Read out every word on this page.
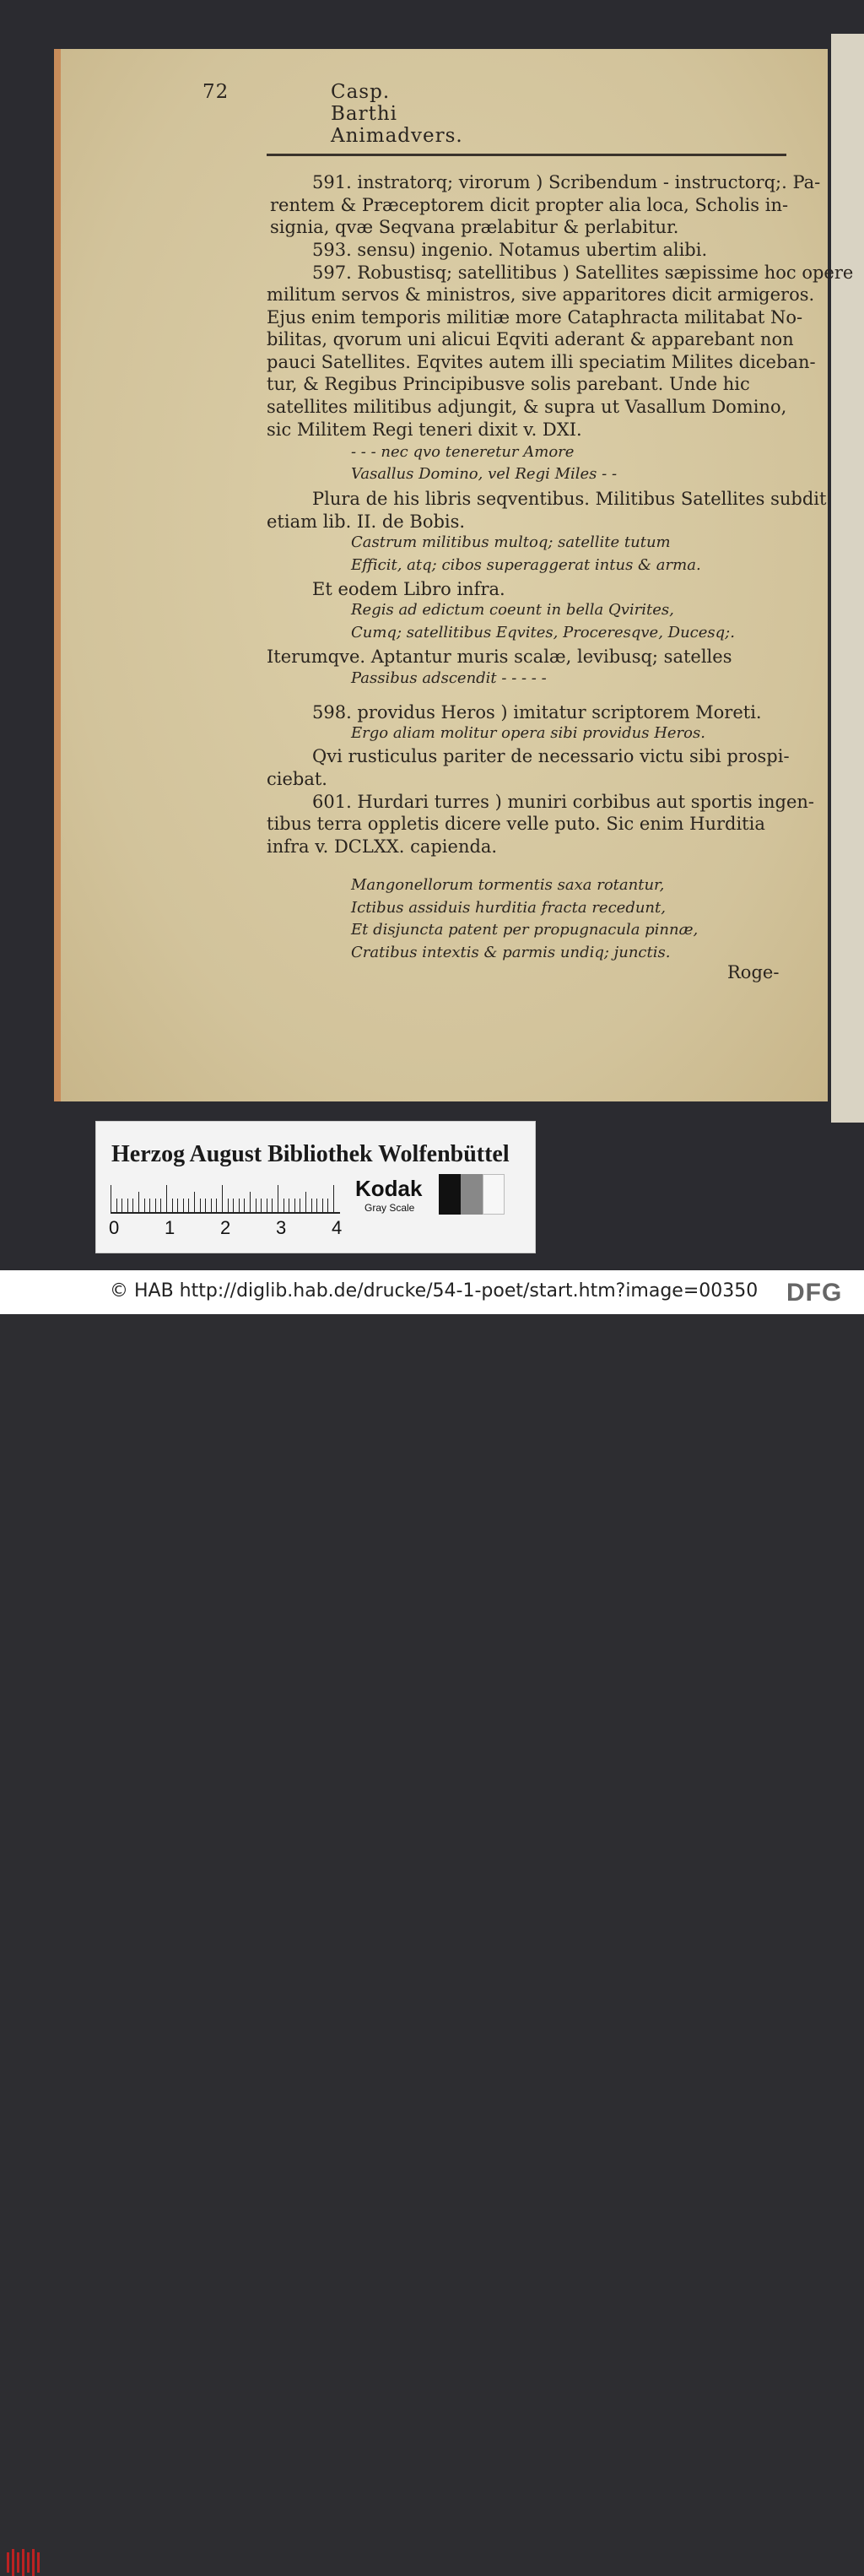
72	Casp. Barthi Animadvers.
591. instratorq; virorum ) Scribendum - instructorq;. Pa-
rentem & Præceptorem dicit propter alia loca, Scholis in-
signia, qvæ Seqvana prælabitur & perlabitur.
593. sensu) ingenio. Notamus ubertim alibi.
597. Robustisq; satellitibus ) Satellites sæpissime hoc opere
militum servos & ministros, sive apparitores dicit armigeros.
Ejus enim temporis militiæ more Cataphracta militabat No-
bilitas, qvorum uni alicui Eqviti aderant & apparebant non
pauci Satellites. Eqvites autem illi speciatim Milites diceban-
tur, & Regibus Principibusve solis parebant. Unde hic
satellites militibus adjungit, & supra ut Vasallum Domino,
sic Militem Regi teneri dixit v. DXI.
- - - nec qvo teneretur Amore
Vasallus Domino, vel Regi Miles - -
Plura de his libris seqventibus. Militibus Satellites subdit
etiam lib. II. de Bobis.
Castrum militibus multoq; satellite tutum
Efficit, atq; cibos superaggerat intus & arma.
Et eodem Libro infra.
Regis ad edictum coeunt in bella Qvirites,
Cumq; satellitibus Eqvites, Proceresqve, Ducesq;.
Iterumqve. Aptantur muris scalæ, levibusq; satelles
Passibus adscendit - - - - -
598. providus Heros ) imitatur scriptorem Moreti.
Ergo aliam molitur opera sibi providus Heros.
Qvi rusticulus pariter de necessario victu sibi prospi-
ciebat.
601. Hurdari turres ) muniri corbibus aut sportis ingen-
tibus terra oppletis dicere velle puto. Sic enim Hurditia
infra v. DCLXX. capienda.
Mangonellorum tormentis saxa rotantur,
Ictibus assiduis hurditia fracta recedunt,
Et disjuncta patent per propugnacula pinnæ,
Cratibus intextis & parmis undiq; junctis.
Roge-
Herzog August Bibliothek Wolfenbüttel
0 1 2 3 4
Kodak
Gray Scale
© HAB http://diglib.hab.de/drucke/54-1-poet/start.htm?image=00350 DFG
